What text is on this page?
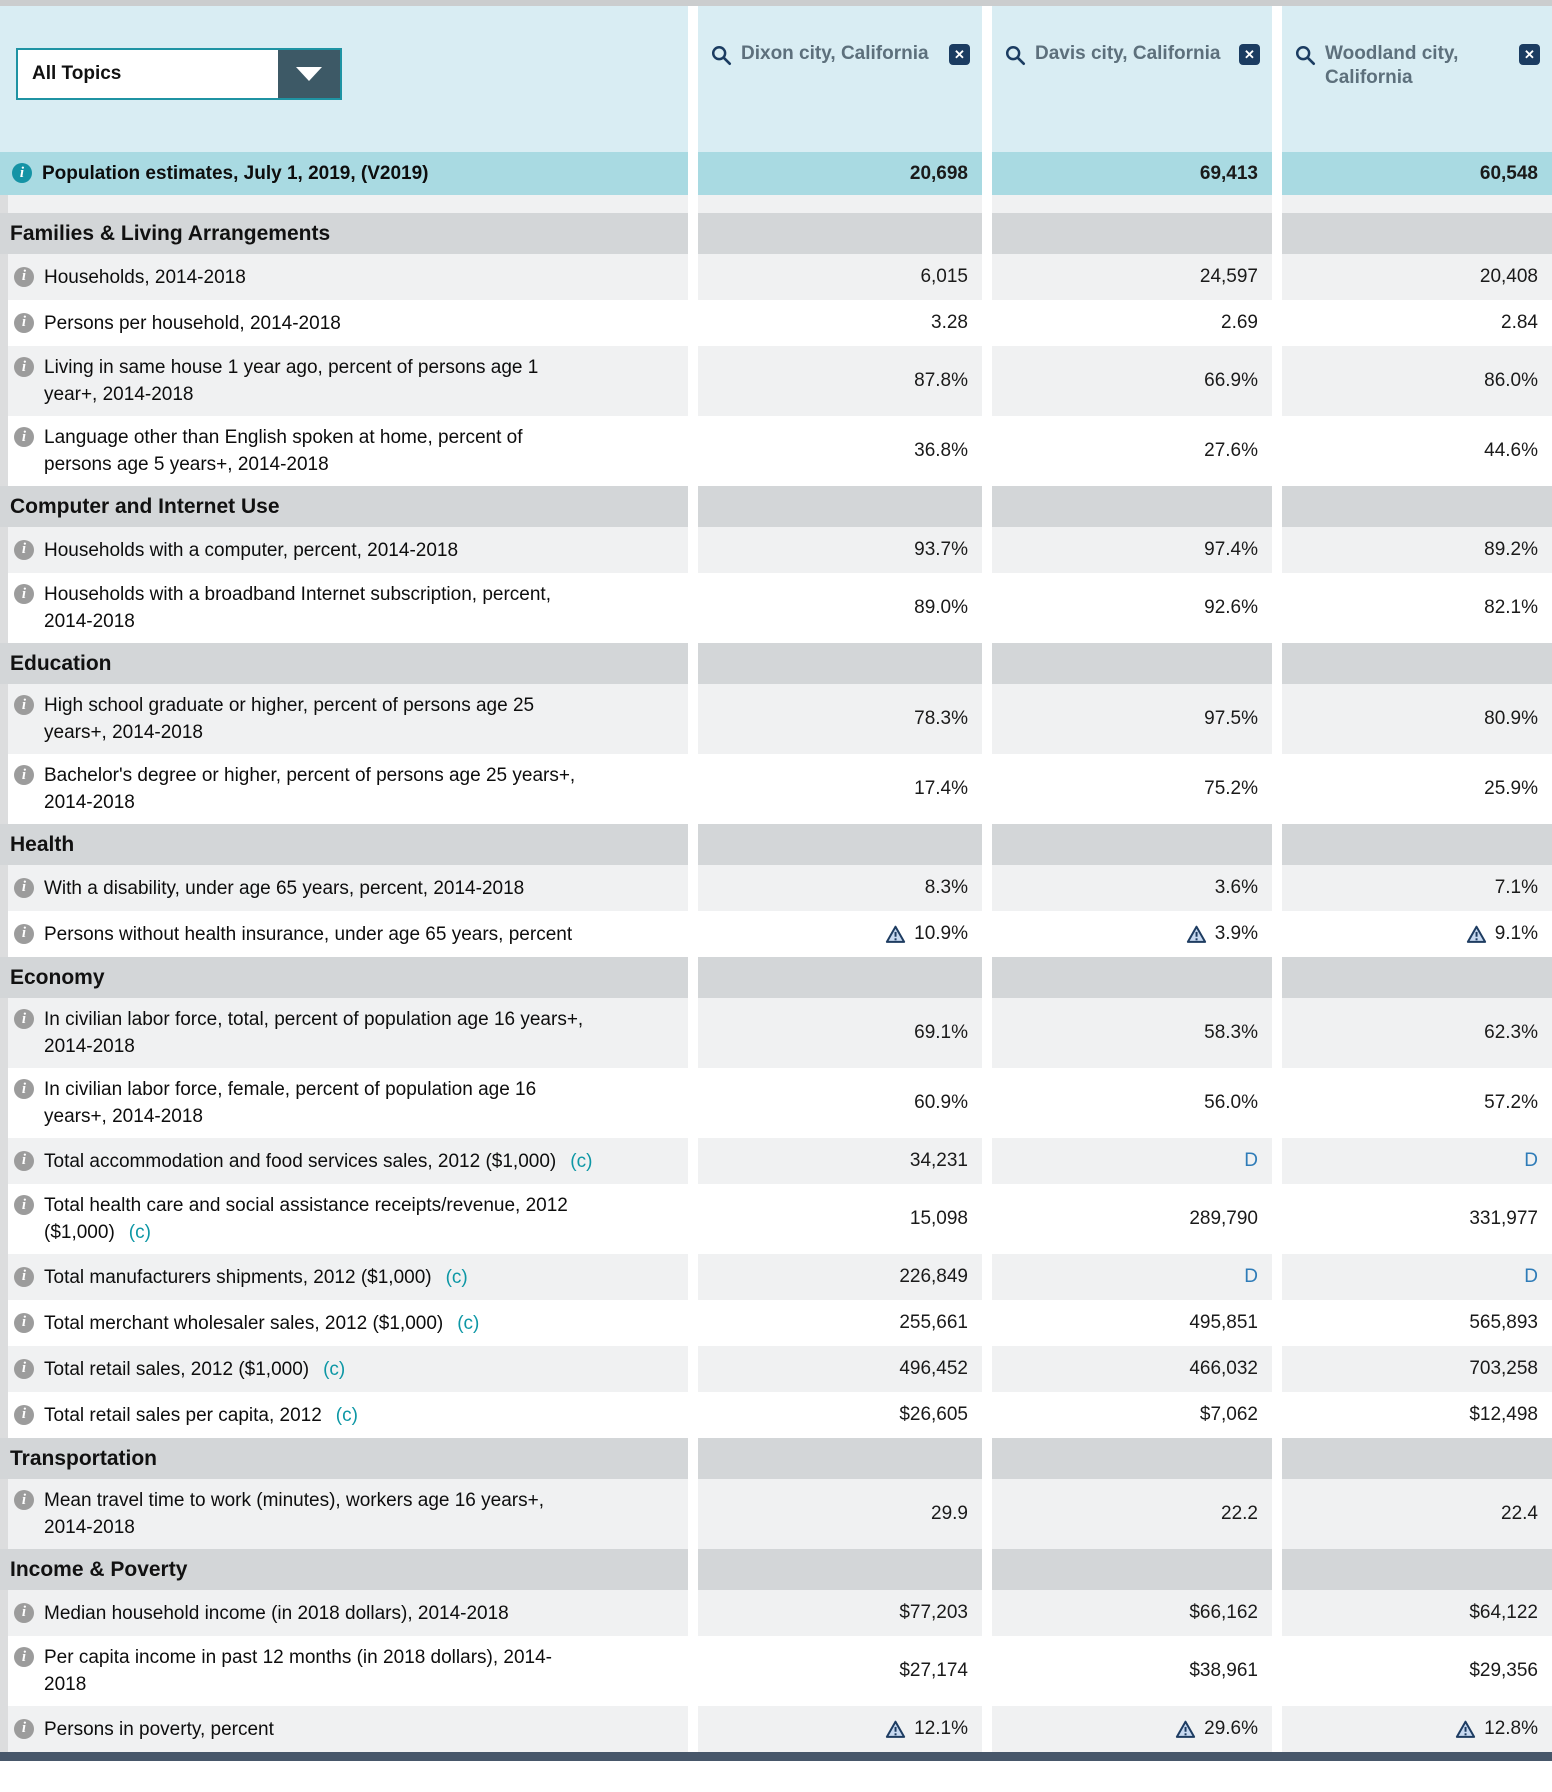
All Topics
Dixon city, California	✕	Davis city, California	✕	Woodland city, California
✕
i Population estimates, July 1, 2019, (V2019)	20,698	69,413	60,548
Families & Living Arrangements
i Households, 2014-2018	6,015	24,597	20,408
i Persons per household, 2014-2018	3.28	2.69	2.84
i Living in same house 1 year ago, percent of persons age 1 year+, 2014-2018
87.8%	66.9%	86.0%
i Language other than English spoken at home, percent of persons age 5 years+, 2014-2018
36.8%	27.6%	44.6%
Computer and Internet Use
i Households with a computer, percent, 2014-2018	93.7%	97.4%	89.2%
i Households with a broadband Internet subscription, percent, 2014-2018
89.0%	92.6%	82.1%
Education
i High school graduate or higher, percent of persons age 25 years+, 2014-2018
78.3%	97.5%	80.9%
i Bachelor's degree or higher, percent of persons age 25 years+, 2014-2018
17.4%	75.2%	25.9%
Health
i With a disability, under age 65 years, percent, 2014-2018	8.3%	3.6%	7.1%
i Persons without health insurance, under age 65 years, percent	10.9%	3.9%	9.1%
Economy
i In civilian labor force, total, percent of population age 16 years+, 2014-2018
69.1%	58.3%	62.3%
i In civilian labor force, female, percent of population age 16 years+, 2014-2018
60.9%	56.0%	57.2%
i Total accommodation and food services sales, 2012 ($1,000) (c)	34,231	D	D
i Total health care and social assistance receipts/revenue, 2012 ($1,000) (c)
15,098	289,790	331,977
i Total manufacturers shipments, 2012 ($1,000) (c)	226,849	D	D
i Total merchant wholesaler sales, 2012 ($1,000) (c)	255,661	495,851	565,893
i Total retail sales, 2012 ($1,000) (c)	496,452	466,032	703,258
i Total retail sales per capita, 2012 (c)	$26,605	$7,062	$12,498
Transportation
i Mean travel time to work (minutes), workers age 16 years+, 2014-2018
29.9	22.2	22.4
Income & Poverty
i Median household income (in 2018 dollars), 2014-2018	$77,203	$66,162	$64,122
i Per capita income in past 12 months (in 2018 dollars), 2014-2018
$27,174	$38,961	$29,356
i Persons in poverty, percent	12.1%	29.6%	12.8%
